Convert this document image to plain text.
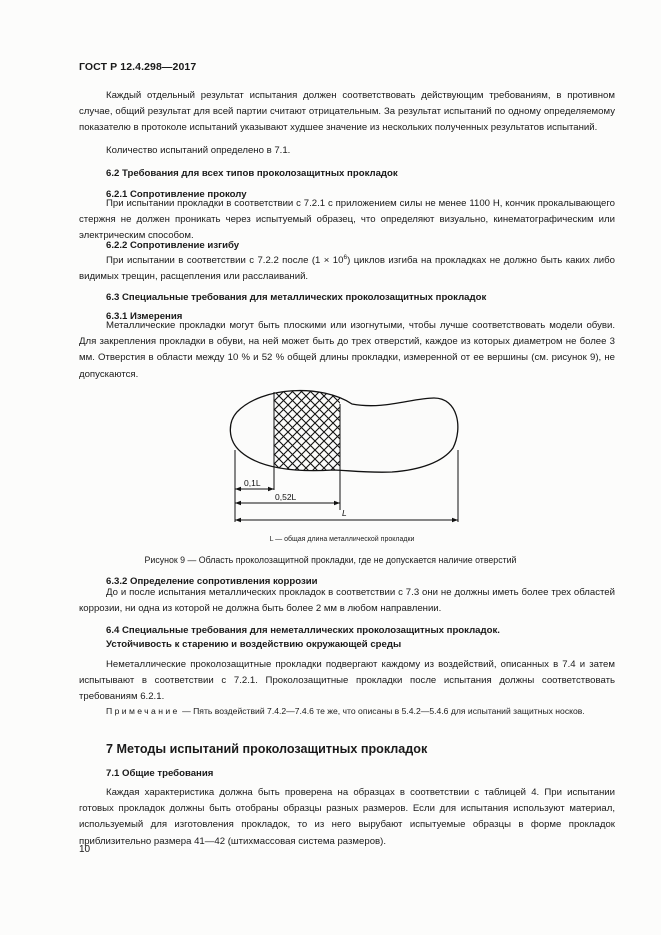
ГОСТ Р 12.4.298—2017
Каждый отдельный результат испытания должен соответствовать действующим требованиям, в противном случае, общий результат для всей партии считают отрицательным. За результат испытаний по одному определяемому показателю в протоколе испытаний указывают худшее значение из нескольких полученных результатов испытаний.
Количество испытаний определено в 7.1.
6.2 Требования для всех типов проколозащитных прокладок
6.2.1 Сопротивление проколу
При испытании прокладки в соответствии с 7.2.1 с приложением силы не менее 1100 Н, кончик прокалывающего стержня не должен проникать через испытуемый образец, что определяют визуально, кинематографическим или электрическим способом.
6.2.2 Сопротивление изгибу
При испытании в соответствии с 7.2.2 после $(1 \times 10^6)$ циклов изгиба на прокладках не должно быть каких либо видимых трещин, расщепления или расслаиваний.
6.3 Специальные требования для металлических проколозащитных прокладок
6.3.1 Измерения
Металлические прокладки могут быть плоскими или изогнутыми, чтобы лучше соответствовать модели обуви. Для закрепления прокладки в обуви, на ней может быть до трех отверстий, каждое из которых диаметром не более 3 мм. Отверстия в области между 10 % и 52 % общей длины прокладки, измеренной от ее вершины (см. рисунок 9), не допускаются.
0,1L
0,52L
L
L — общая длина металлической прокладки
Рисунок 9 — Область проколозащитной прокладки, где не допускается наличие отверстий
6.3.2 Определение сопротивления коррозии
До и после испытания металлических прокладок в соответствии с 7.3 они не должны иметь более трех областей коррозии, ни одна из которой не должна быть более 2 мм в любом направлении.
6.4 Специальные требования для неметаллических проколозащитных прокладок.
Устойчивость к старению и воздействию окружающей среды
Неметаллические проколозащитные прокладки подвергают каждому из воздействий, описанных в 7.4 и затем испытывают в соответствии с 7.2.1. Проколозащитные прокладки после испытания должны соответствовать требованиям 6.2.1.
Примечание — Пять воздействий 7.4.2—7.4.6 те же, что описаны в 5.4.2—5.4.6 для испытаний защитных носков.
7 Методы испытаний проколозащитных прокладок
7.1 Общие требования
Каждая характеристика должна быть проверена на образцах в соответствии с таблицей 4. При испытании готовых прокладок должны быть отобраны образцы разных размеров. Если для испытания используют материал, используемый для изготовления прокладок, то из него вырубают испытуемые образцы в форме прокладок приблизительно размера 41—42 (штихмассовая система размеров).
10
